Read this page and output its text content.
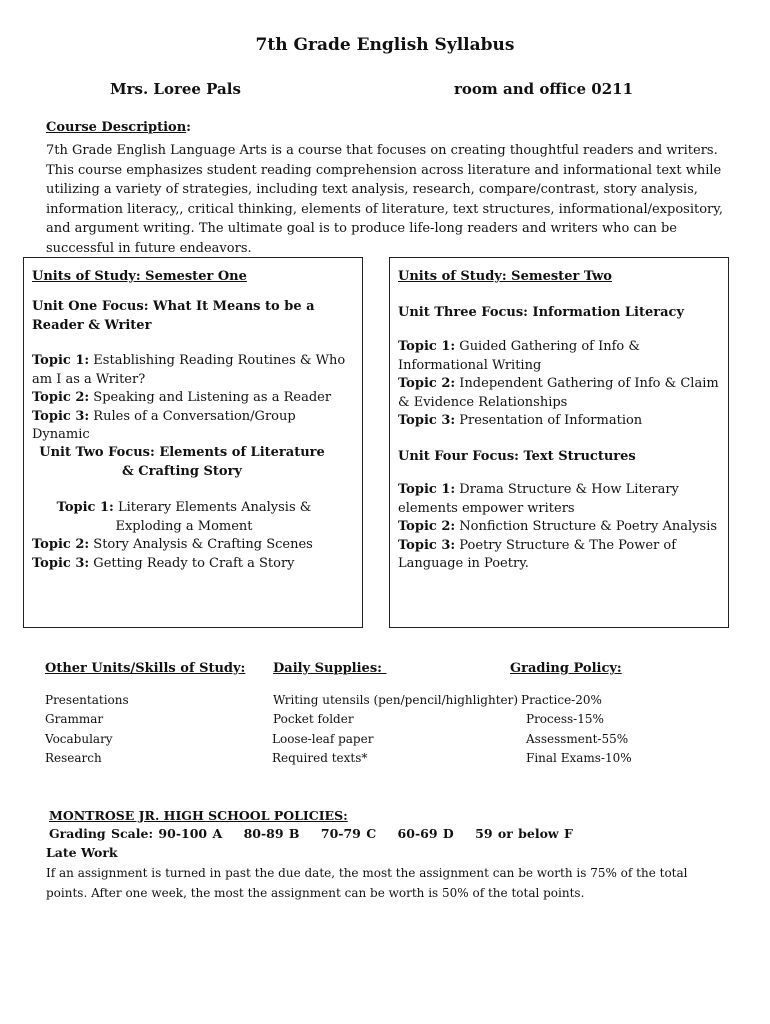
7th Grade English Syllabus
Mrs. Loree Pals	room and office 0211
Course Description:
7th Grade English Language Arts is a course that focuses on creating thoughtful readers and writers. This course emphasizes student reading comprehension across literature and informational text while utilizing a variety of strategies, including text analysis, research, compare/contrast, story analysis, information literacy,, critical thinking, elements of literature, text structures, informational/expository, and argument writing. The ultimate goal is to produce life-long readers and writers who can be successful in future endeavors.
Units of Study: Semester One
Unit One Focus: What It Means to be a Reader & Writer
Topic 1: Establishing Reading Routines & Who am I as a Writer?
Topic 2: Speaking and Listening as a Reader
Topic 3: Rules of a Conversation/Group Dynamic
Unit Two Focus: Elements of Literature & Crafting Story
Topic 1: Literary Elements Analysis & Exploding a Moment
Topic 2: Story Analysis & Crafting Scenes
Topic 3: Getting Ready to Craft a Story
Units of Study: Semester Two
Unit Three Focus: Information Literacy
Topic 1: Guided Gathering of Info & Informational Writing
Topic 2: Independent Gathering of Info & Claim & Evidence Relationships
Topic 3: Presentation of Information
Unit Four Focus: Text Structures
Topic 1: Drama Structure & How Literary elements empower writers
Topic 2: Nonfiction Structure & Poetry Analysis
Topic 3: Poetry Structure & The Power of Language in Poetry.
Other Units/Skills of Study: Daily Supplies:	Grading Policy:
Presentations
Grammar
Vocabulary
Research
Writing utensils (pen/pencil/highlighter)
Pocket folder
Loose-leaf paper
Required texts*
Practice-20%
Process-15%
Assessment-55%
Final Exams-10%
MONTROSE JR. HIGH SCHOOL POLICIES:
Grading Scale: 90-100 A    80-89 B    70-79 C    60-69 D    59 or below F
Late Work
If an assignment is turned in past the due date, the most the assignment can be worth is 75% of the total points. After one week, the most the assignment can be worth is 50% of the total points.
